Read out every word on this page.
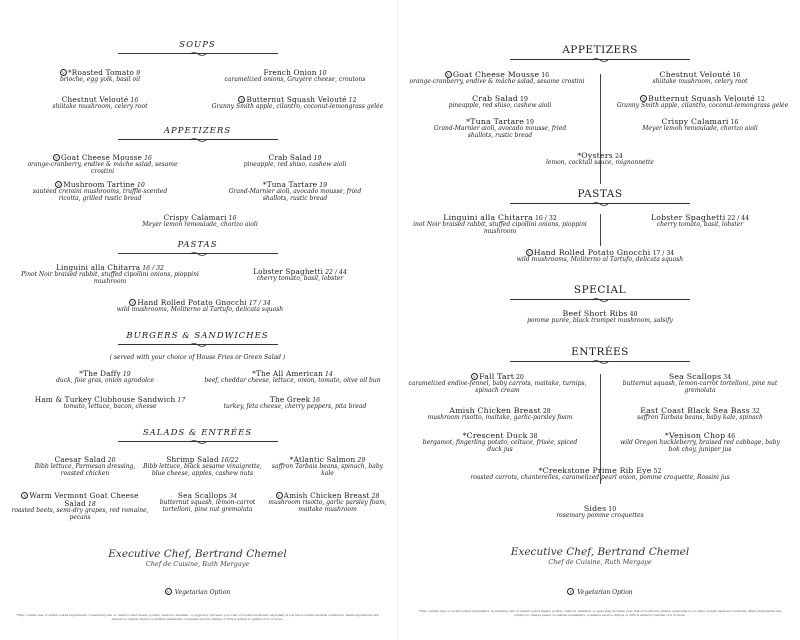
SOUPS

V *Roasted Tomato 9
brioche, egg yolk, basil oil
French Onion 10
caramelized onions, Gruyère cheese, croutons
Chestnut Velouté 16
shiitake mushroom, celery root
V Butternut Squash Velouté 12
Granny Smith apple, cilantro, coconut-lemongrass gelée

APPETIZERS

V Goat Cheese Mousse 16
orange-cranberry, endive & mâche salad, sesame crostini
Crab Salad 19
pineapple, red shiso, cashew aioli
V Mushroom Tartine 10
sautéed cremini mushrooms, truffle-scented ricotta, grilled rustic bread
*Tuna Tartare 19
Grand-Marnier aioli, avocado mousse, fried shallots, rustic bread
Crispy Calamari 16
Meyer lemon remoulade, chorizo aioli

PASTAS

Linguini alla Chitarra 16 / 32
Pinot Noir braised rabbit, stuffed cipollini onions, pioppini mushroom
Lobster Spaghetti 22 / 44
cherry tomato, basil, lobster
V Hand Rolled Potato Gnocchi 17 / 34
wild mushrooms, Moliterno al Tartufo, delicata squash

BURGERS & SANDWICHES

( served with your choice of House Fries or Green Salad )
*The Daffy 19
duck, foie gras, onion agrodolce
*The All American 14
beef, cheddar cheese, lettuce, onion, tomato, olive oil bun
Ham & Turkey Clubhouse Sandwich 17
tomato, lettuce, bacon, cheese
The Greek 16
turkey, feta cheese, cherry peppers, pita bread

SALADS & ENTRÉES

Caesar Salad 20
Bibb lettuce, Parmesan dressing, roasted chicken
Shrimp Salad 16/22
Bibb lettuce, black sesame vinaigrette, blue cheese, apples, cashew nuts
*Atlantic Salmon 29
saffron Tarbais beans, spinach, baby kale
V Warm Vermont Goat Cheese Salad 18
roasted beets, semi-dry grapes, red romaine, pecans
Sea Scallops 34
butternut squash, lemon-carrot tortelloni, pine nut gremolata
V Amish Chicken Breast 28
mushroom risotto, garlic parsley foam, maitake mushroom
Executive Chef, Bertrand Chemel
Chef de Cuisine, Ruth Mergaye
V Vegetarian Option
*May contain raw or undercooked ingredients. Consuming raw or undercooked meats, poultry, seafood, shellfish, or eggs may increase your risk of foodborne illness, especially if you have certain medical conditions. Menu ingredients are subject to change based on market availability. A taxable service charge of 20% is added to parties of 6 or more.

APPETIZERS

V Goat Cheese Mousse 16
orange-cranberry, endive & mâche salad, sesame crostini
Chestnut Velouté 16
shiitake mushroom, celery root
Crab Salad 19
pineapple, red shiso, cashew aioli
V Butternut Squash Velouté 12
Granny Smith apple, cilantro, coconut-lemongrass gelée
*Tuna Tartare 19
Grand-Marnier aioli, avocado mousse, fried shallots, rustic bread
Crispy Calamari 16
Meyer lemon remoulade, chorizo aioli
*Oysters 24
lemon, cocktail sauce, mignonnette

PASTAS

Linguini alla Chitarra 16 / 32
inot Noir braised rabbit, stuffed cipollini onions, pioppini mushroom
Lobster Spaghetti 22 / 44
cherry tomato, basil, lobster
V Hand Rolled Potato Gnocchi 17 / 34
wild mushrooms, Moliterno al Tartufo, delicata squash

SPECIAL

Beef Short Ribs 40
pomme purée, black trumpet mushroom, salsify

ENTRÉES

V Fall Tart 20
caramelized endive-fennel, baby carrots, maitake, turnips, spinach cream
Sea Scallops 34
butternut squash, lemon-carrot tortelloni, pine nut gremolata
Amish Chicken Breast 28
mushroom risotto, maitake, garlic-parsley foam
East Coast Black Sea Bass 32
saffron Tarbais beans, baby kale, spinach
*Crescent Duck 38
bergamot, fingerling potato, celtuce, frisée, spiced duck jus
*Venison Chop 46
wild Oregon huckleberry, braised red cabbage, baby bok choy, juniper jus
*Creekstone Prime Rib Eye 52
roasted carrots, chanterelles, caramelized pearl onion, pomme croquette, Rossini jus
Sides 10
rosemary pomme croquettes
Executive Chef, Bertrand Chemel
Chef de Cuisine, Ruth Mergaye
V Vegetarian Option
*May contain raw or undercooked ingredients. Consuming raw or undercooked meats, poultry, seafood, shellfish, or eggs may increase your risk of foodborne illness, especially if you have certain medical conditions. Menu ingredients are subject to change based on market availability. A taxable service charge of 20% is added to parties of 6 or more.
